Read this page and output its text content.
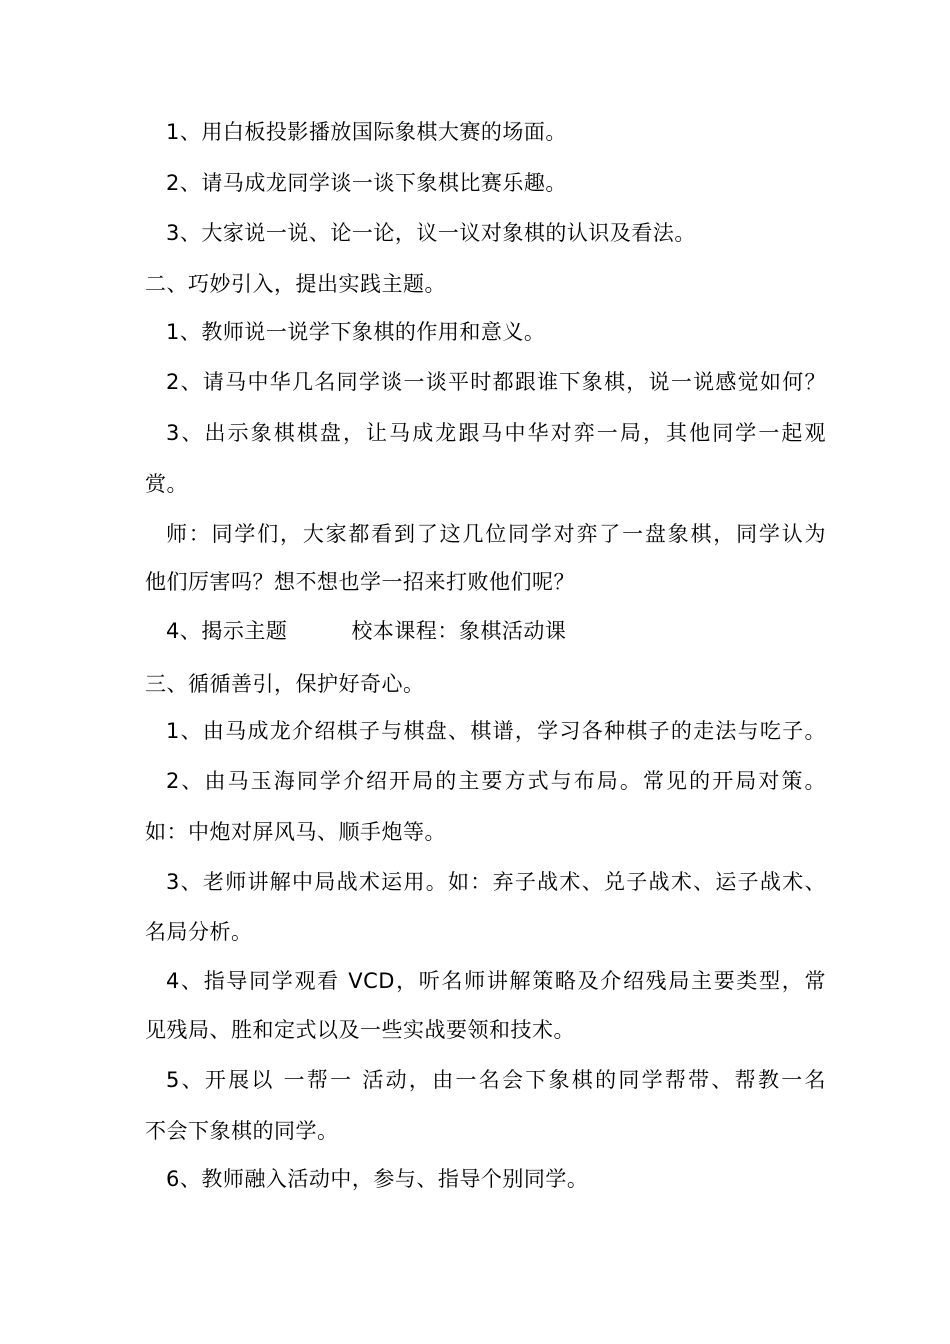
1、用白板投影播放国际象棋大赛的场面。
2、请马成龙同学谈一谈下象棋比赛乐趣。
3、大家说一说、论一论，议一议对象棋的认识及看法。
二、巧妙引入，提出实践主题。
1、教师说一说学下象棋的作用和意义。
2、请马中华几名同学谈一谈平时都跟谁下象棋，说一说感觉如何？
3、出示象棋棋盘，让马成龙跟马中华对弈一局，其他同学一起观
赏。
师：同学们，大家都看到了这几位同学对弈了一盘象棋，同学认为
他们厉害吗？想不想也学一招来打败他们呢？
4、揭示主题	校本课程：象棋活动课
三、循循善引，保护好奇心。
1、由马成龙介绍棋子与棋盘、棋谱，学习各种棋子的走法与吃子。
2、由马玉海同学介绍开局的主要方式与布局。常见的开局对策。
如：中炮对屏风马、顺手炮等。
3、老师讲解中局战术运用。如：弃子战术、兑子战术、运子战术、
名局分析。
4、指导同学观看 VCD，听名师讲解策略及介绍残局主要类型，常
见残局、胜和定式以及一些实战要领和技术。
5、开展以 一帮一 活动，由一名会下象棋的同学帮带、帮教一名
不会下象棋的同学。
6、教师融入活动中，参与、指导个别同学。
